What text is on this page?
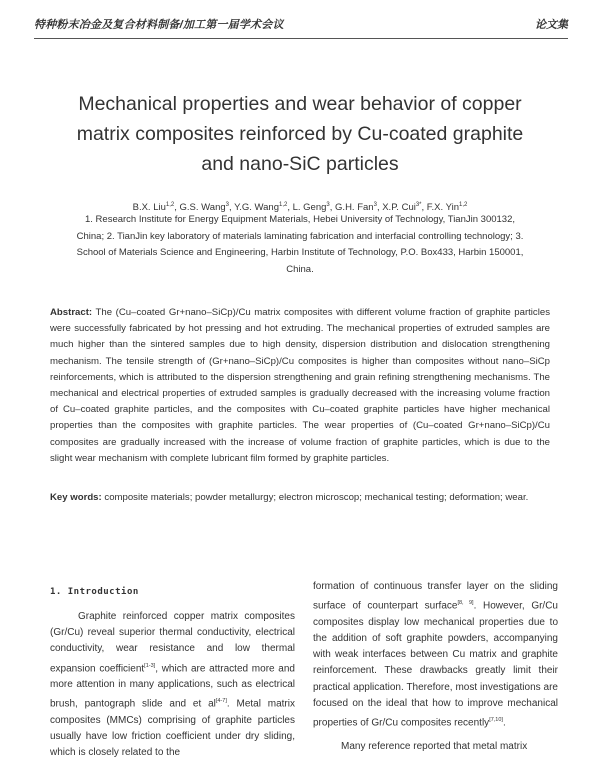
特种粉末冶金及复合材料制备/加工第一届学术会议	论文集
Mechanical properties and wear behavior of copper
matrix composites reinforced by Cu-coated graphite
and nano-SiC particles
B.X. Liu$^{1,2}$, G.S. Wang$^3$, Y.G. Wang$^{1,2}$, L. Geng$^3$, G.H. Fan$^3$, X.P. Cui$^{3*}$, F.X. Yin$^{1,2}$
1. Research Institute for Energy Equipment Materials, Hebei University of Technology, TianJin 300132,
China; 2. TianJin key laboratory of materials laminating fabrication and interfacial controlling technology; 3.
School of Materials Science and Engineering, Harbin Institute of Technology, P.O. Box433, Harbin 150001,
China.

Abstract: The (Cu–coated Gr+nano–SiCp)/Cu matrix composites with different volume fraction of graphite particles were successfully fabricated by hot pressing and hot extruding. The mechanical properties of extruded samples are much higher than the sintered samples due to high density, dispersion distribution and dislocation strengthening mechanism. The tensile strength of (Gr+nano–SiCp)/Cu composites is higher than composites without nano–SiCp reinforcements, which is attributed to the dispersion strengthening and grain refining strengthening mechanisms. The mechanical and electrical properties of extruded samples is gradually decreased with the increasing volume fraction of Cu–coated graphite particles, and the composites with Cu–coated graphite particles have higher mechanical properties than the composites with graphite particles. The wear properties of (Cu–coated Gr+nano–SiCp)/Cu composites are gradually increased with the increase of volume fraction of graphite particles, which is due to the slight wear mechanism with complete lubricant film formed by graphite particles.

Key words: composite materials; powder metallurgy; electron microscop; mechanical testing; deformation; wear.

1. Introduction

Graphite reinforced copper matrix composites (Gr/Cu) reveal superior thermal conductivity, electrical conductivity, wear resistance and low thermal expansion coefficient[1-3], which are attracted more and more attention in many applications, such as electrical brush, pantograph slide and et al[4-7]. Metal matrix composites (MMCs) comprising of graphite particles usually have low friction coefficient under dry sliding, which is closely related to the

formation of continuous transfer layer on the sliding surface of counterpart surface[8, 9]. However, Gr/Cu composites display low mechanical properties due to the addition of soft graphite powders, accompanying with weak interfaces between Cu matrix and graphite reinforcement. These drawbacks greatly limit their practical application. Therefore, most investigations are focused on the ideal that how to improve mechanical properties of Gr/Cu composites recently[7,10].

Many reference reported that metal matrix
